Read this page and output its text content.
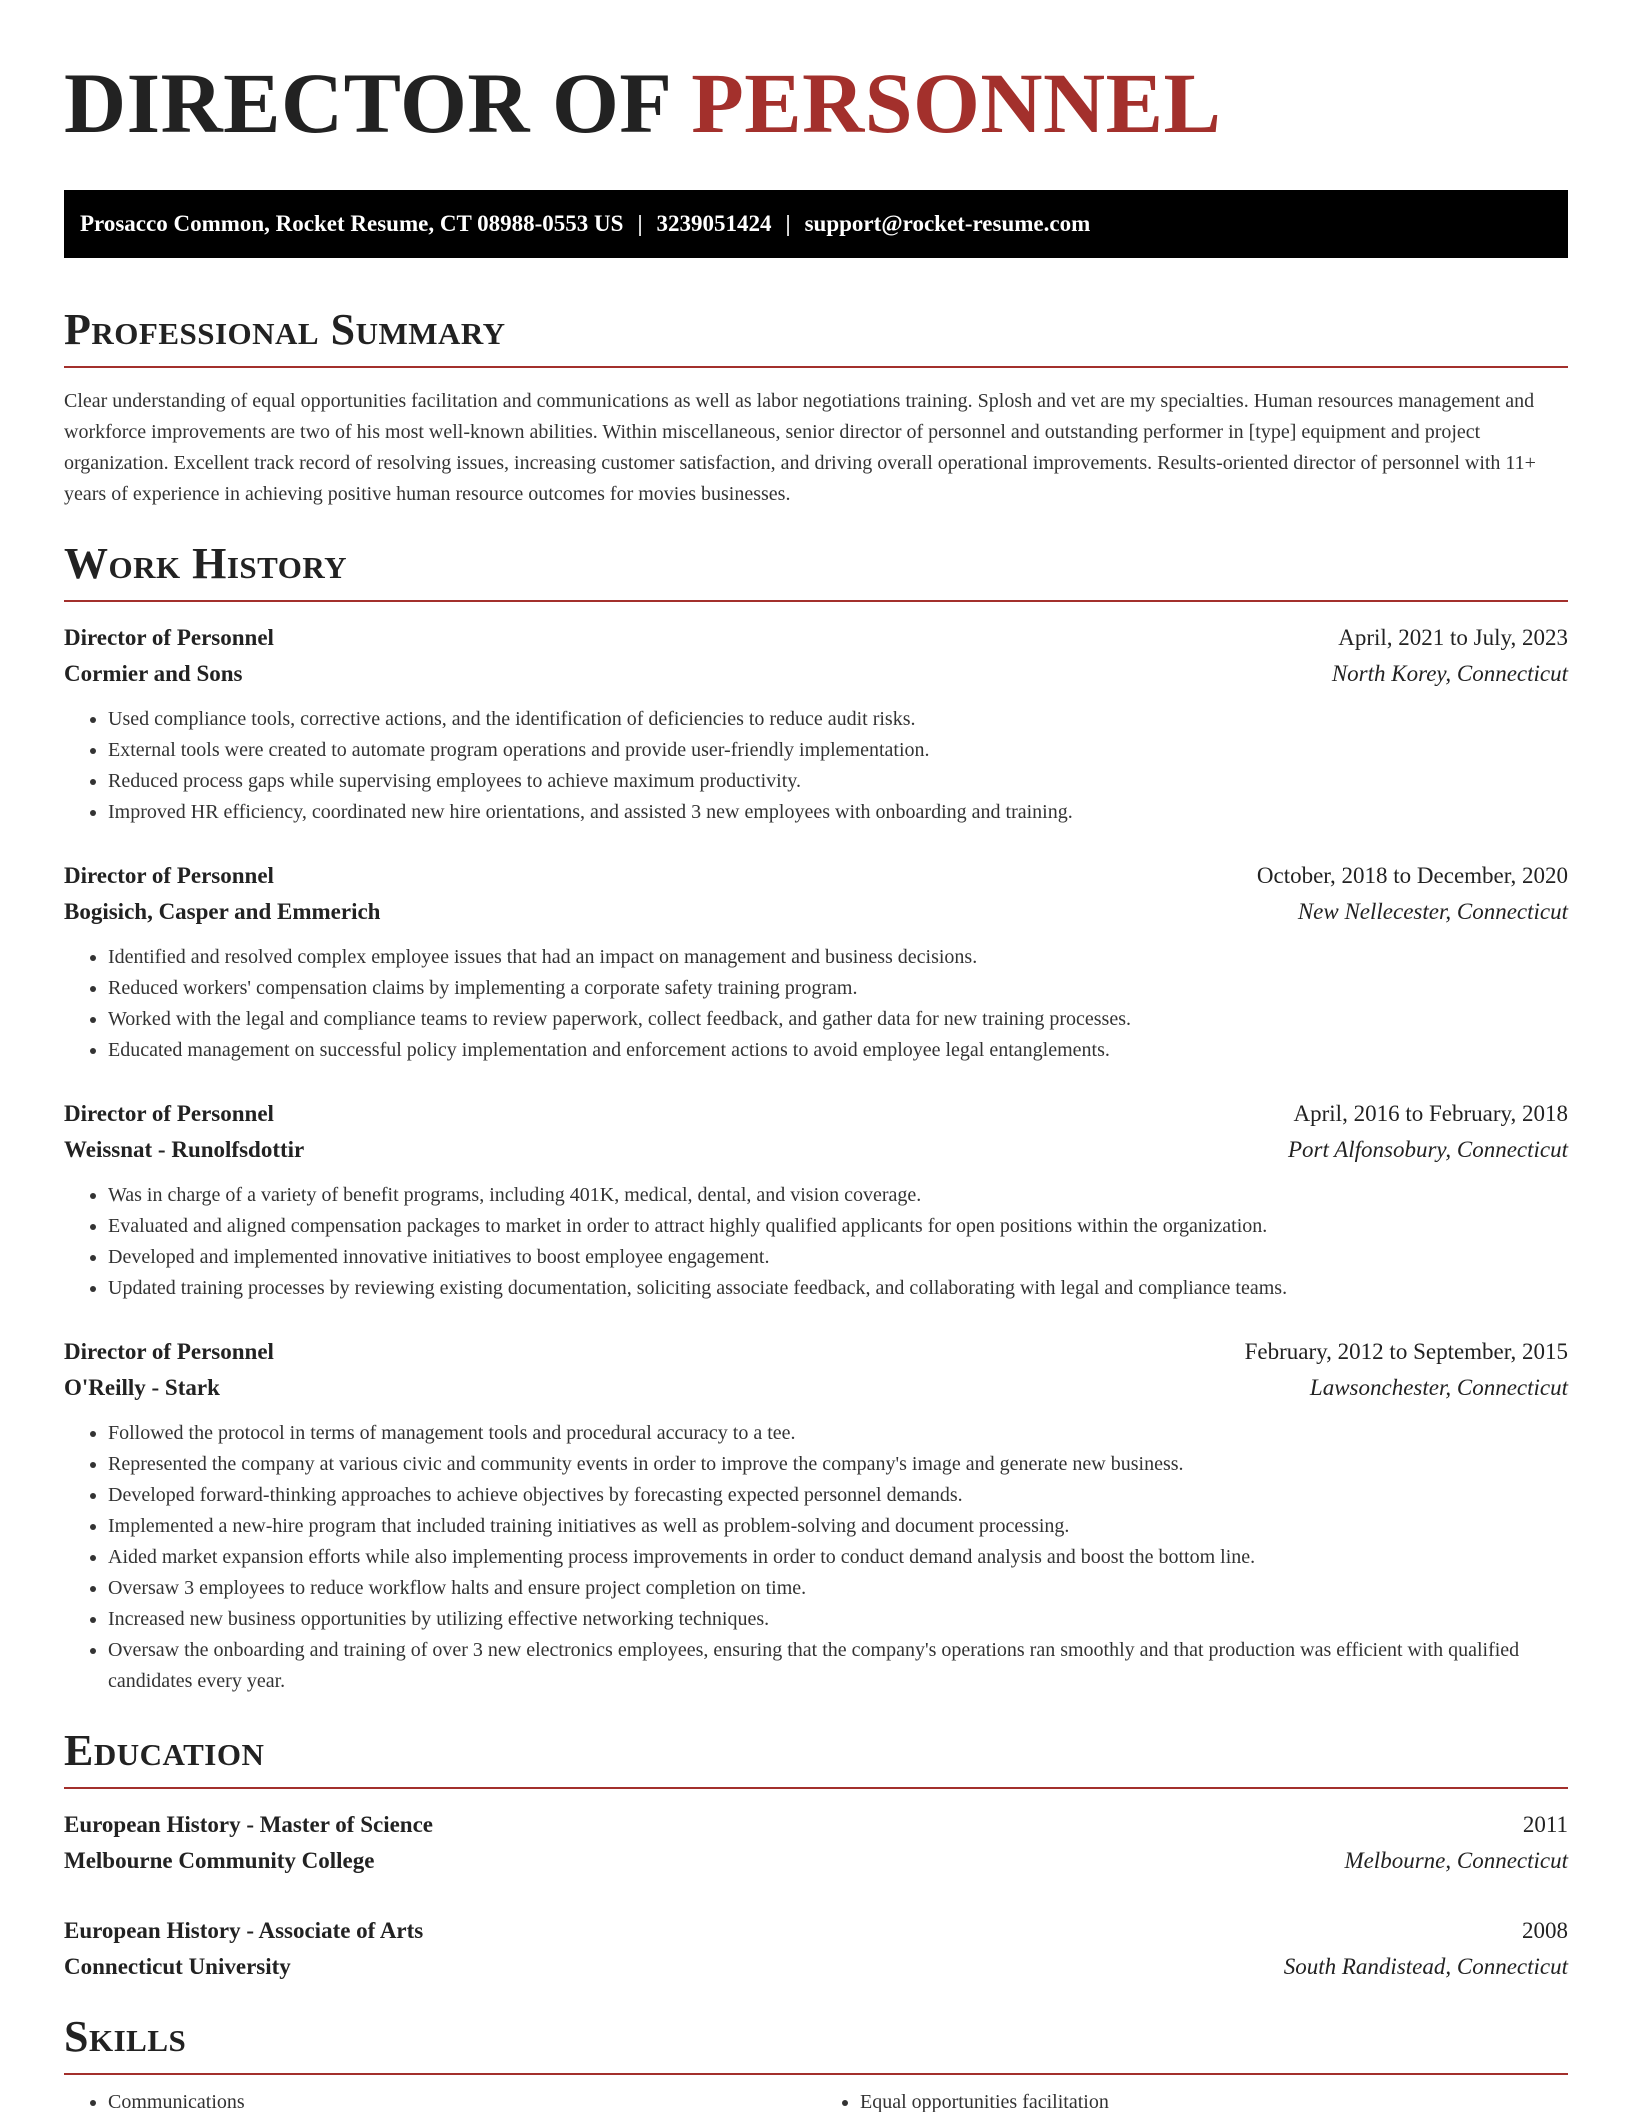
DIRECTOR OF PERSONNEL
Prosacco Common, Rocket Resume, CT 08988-0553 US | 3239051424 | support@rocket-resume.com
Professional Summary

Clear understanding of equal opportunities facilitation and communications as well as labor negotiations training. Splosh and vet are my specialties. Human resources management and workforce improvements are two of his most well-known abilities. Within miscellaneous, senior director of personnel and outstanding performer in [type] equipment and project organization. Excellent track record of resolving issues, increasing customer satisfaction, and driving overall operational improvements. Results-oriented director of personnel with 11+ years of experience in achieving positive human resource outcomes for movies businesses.

Work History
Director of Personnel	April, 2021 to July, 2023
Cormier and Sons	North Korey, Connecticut
• Used compliance tools, corrective actions, and the identification of deficiencies to reduce audit risks.
• External tools were created to automate program operations and provide user-friendly implementation.
• Reduced process gaps while supervising employees to achieve maximum productivity.
• Improved HR efficiency, coordinated new hire orientations, and assisted 3 new employees with onboarding and training.
Director of Personnel	October, 2018 to December, 2020
Bogisich, Casper and Emmerich	New Nellecester, Connecticut
• Identified and resolved complex employee issues that had an impact on management and business decisions.
• Reduced workers' compensation claims by implementing a corporate safety training program.
• Worked with the legal and compliance teams to review paperwork, collect feedback, and gather data for new training processes.
• Educated management on successful policy implementation and enforcement actions to avoid employee legal entanglements.
Director of Personnel	April, 2016 to February, 2018
Weissnat - Runolfsdottir	Port Alfonsobury, Connecticut
• Was in charge of a variety of benefit programs, including 401K, medical, dental, and vision coverage.
• Evaluated and aligned compensation packages to market in order to attract highly qualified applicants for open positions within the organization.
• Developed and implemented innovative initiatives to boost employee engagement.
• Updated training processes by reviewing existing documentation, soliciting associate feedback, and collaborating with legal and compliance teams.
Director of Personnel	February, 2012 to September, 2015
O'Reilly - Stark	Lawsonchester, Connecticut
• Followed the protocol in terms of management tools and procedural accuracy to a tee.
• Represented the company at various civic and community events in order to improve the company's image and generate new business.
• Developed forward-thinking approaches to achieve objectives by forecasting expected personnel demands.
• Implemented a new-hire program that included training initiatives as well as problem-solving and document processing.
• Aided market expansion efforts while also implementing process improvements in order to conduct demand analysis and boost the bottom line.
• Oversaw 3 employees to reduce workflow halts and ensure project completion on time.
• Increased new business opportunities by utilizing effective networking techniques.
• Oversaw the onboarding and training of over 3 new electronics employees, ensuring that the company's operations ran smoothly and that production was efficient with qualified candidates every year.
Education
European History - Master of Science	2011
Melbourne Community College	Melbourne, Connecticut
European History - Associate of Arts	2008
Connecticut University	South Randistead, Connecticut
Skills
• Communications
•	Equal opportunities facilitation
